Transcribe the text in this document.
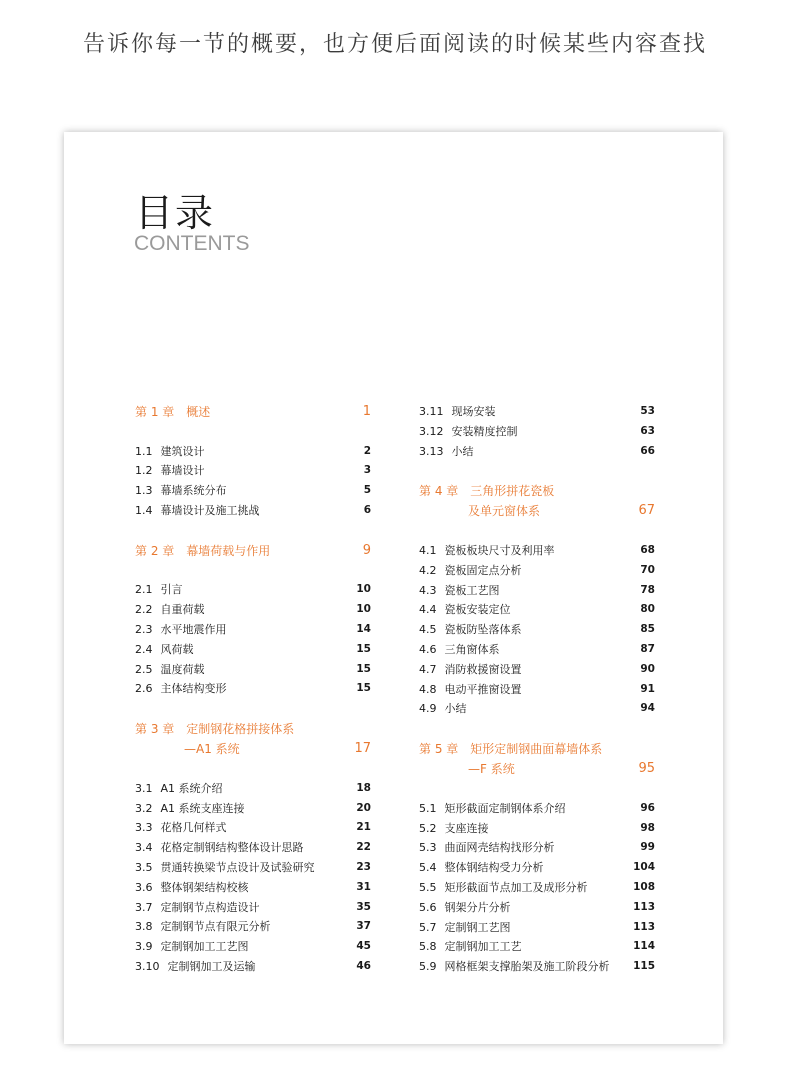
告诉你每一节的概要，也方便后面阅读的时候某些内容查找
目录
CONTENTS
第 1 章　概述	1
1.1 建筑设计	2
1.2 幕墙设计	3
1.3 幕墙系统分布	5
1.4 幕墙设计及施工挑战	6
第 2 章　幕墙荷载与作用	9
2.1 引言	10
2.2 自重荷载	10
2.3 水平地震作用	14
2.4 风荷载	15
2.5 温度荷载	15
2.6 主体结构变形	15
第 3 章　定制钢花格拼接体系
—A1 系统	17
3.1 A1 系统介绍	18
3.2 A1 系统支座连接	20
3.3 花格几何样式	21
3.4 花格定制钢结构整体设计思路	22
3.5 贯通转换梁节点设计及试验研究	23
3.6 整体钢架结构校核	31
3.7 定制钢节点构造设计	35
3.8 定制钢节点有限元分析	37
3.9 定制钢加工工艺图	45
3.10 定制钢加工及运输	46
3.11 现场安装	53
3.12 安装精度控制	63
3.13 小结	66
第 4 章　三角形拼花瓷板
及单元窗体系	67
4.1 瓷板板块尺寸及利用率	68
4.2 瓷板固定点分析	70
4.3 瓷板工艺图	78
4.4 瓷板安装定位	80
4.5 瓷板防坠落体系	85
4.6 三角窗体系	87
4.7 消防救援窗设置	90
4.8 电动平推窗设置	91
4.9 小结	94
第 5 章　矩形定制钢曲面幕墙体系
—F 系统	95
5.1 矩形截面定制钢体系介绍	96
5.2 支座连接	98
5.3 曲面网壳结构找形分析	99
5.4 整体钢结构受力分析	104
5.5 矩形截面节点加工及成形分析	108
5.6 钢架分片分析	113
5.7 定制钢工艺图	113
5.8 定制钢加工工艺	114
5.9 网格框架支撑胎架及施工阶段分析 115
